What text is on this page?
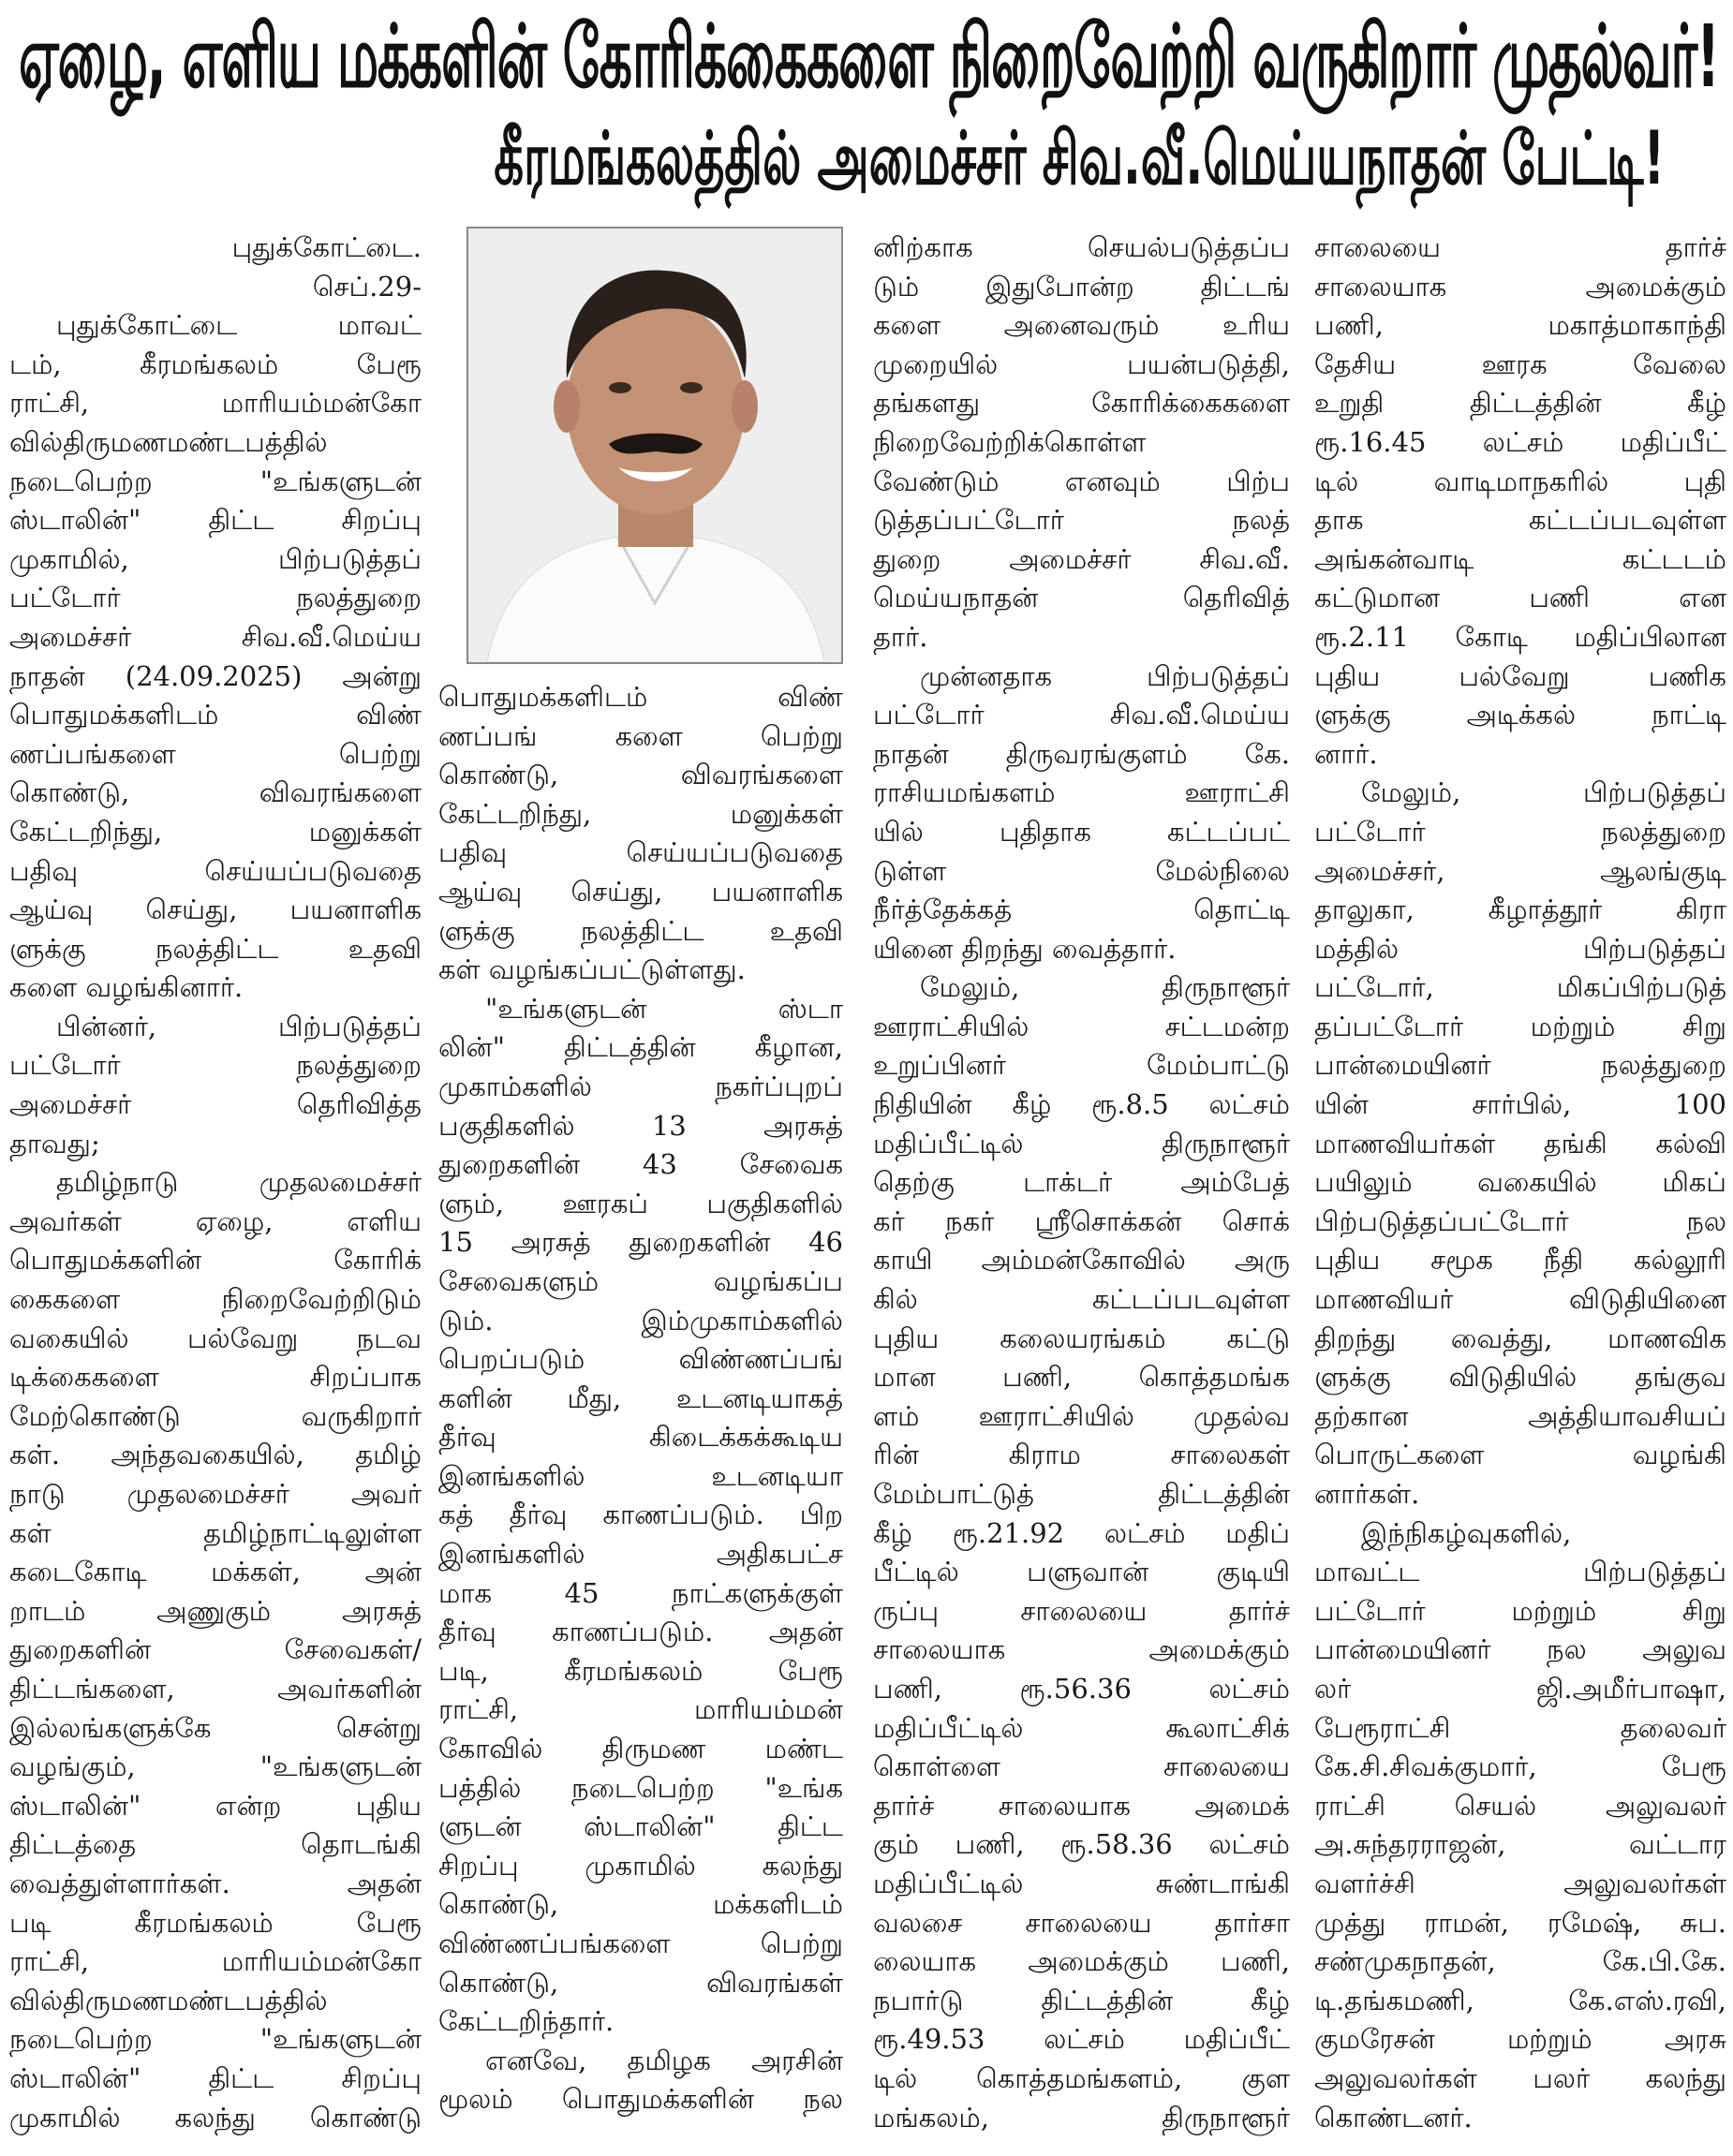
ஏழை, எளிய மக்களின் கோரிக்கைகளை நிறைவேற்றி வருகிறார் முதல்வர்!
கீரமங்கலத்தில் அமைச்சர் சிவ.வீ.மெய்யநாதன் பேட்டி!
புதுக்கோட்டை.
செப்.29-
புதுக்கோட்டை மாவட்
டம், கீரமங்கலம் பேரூ
ராட்சி, மாரியம்மன்கோ
வில்திருமணமண்டபத்தில்
நடைபெற்ற "உங்களுடன்
ஸ்டாலின்" திட்ட சிறப்பு
முகாமில், பிற்படுத்தப்
பட்டோர் நலத்துறை
அமைச்சர் சிவ.வீ.மெய்ய
நாதன் (24.09.2025) அன்று
பொதுமக்களிடம் விண்
ணப்பங்களை பெற்று
கொண்டு, விவரங்களை
கேட்டறிந்து, மனுக்கள்
பதிவு செய்யப்படுவதை
ஆய்வு செய்து, பயனாளிக
ளுக்கு நலத்திட்ட உதவி
களை வழங்கினார்.
பின்னர், பிற்படுத்தப்
பட்டோர் நலத்துறை
அமைச்சர் தெரிவித்த
தாவது;
தமிழ்நாடு முதலமைச்சர்
அவர்கள் ஏழை, எளிய
பொதுமக்களின் கோரிக்
கைகளை நிறைவேற்றிடும்
வகையில் பல்வேறு நடவ
டிக்கைகளை சிறப்பாக
மேற்கொண்டு வருகிறார்
கள். அந்தவகையில், தமிழ்
நாடு முதலமைச்சர் அவர்
கள் தமிழ்நாட்டிலுள்ள
கடைகோடி மக்கள், அன்
றாடம் அணுகும் அரசுத்
துறைகளின் சேவைகள்/
திட்டங்களை, அவர்களின்
இல்லங்களுக்கே சென்று
வழங்கும், "உங்களுடன்
ஸ்டாலின்" என்ற புதிய
திட்டத்தை தொடங்கி
வைத்துள்ளார்கள். அதன்
படி கீரமங்கலம் பேரூ
ராட்சி, மாரியம்மன்கோ
வில்திருமணமண்டபத்தில்
நடைபெற்ற "உங்களுடன்
ஸ்டாலின்" திட்ட சிறப்பு
முகாமில் கலந்து கொண்டு
பொதுமக்களிடம் விண்
ணப்பங் களை பெற்று
கொண்டு, விவரங்களை
கேட்டறிந்து, மனுக்கள்
பதிவு செய்யப்படுவதை
ஆய்வு செய்து, பயனாளிக
ளுக்கு நலத்திட்ட உதவி
கள் வழங்கப்பட்டுள்ளது.
"உங்களுடன் ஸ்டா
லின்" திட்டத்தின் கீழான,
முகாம்களில் நகர்ப்புறப்
பகுதிகளில் 13 அரசுத்
துறைகளின் 43 சேவைக
ளும், ஊரகப் பகுதிகளில்
15 அரசுத் துறைகளின் 46
சேவைகளும் வழங்கப்ப
டும். இம்முகாம்களில்
பெறப்படும் விண்ணப்பங்
களின் மீது, உடனடியாகத்
தீர்வு கிடைக்கக்கூடிய
இனங்களில் உடனடியா
கத் தீர்வு காணப்படும். பிற
இனங்களில் அதிகபட்ச
மாக 45 நாட்களுக்குள்
தீர்வு காணப்படும். அதன்
படி, கீரமங்கலம் பேரூ
ராட்சி, மாரியம்மன்
கோவில் திருமண மண்ட
பத்தில் நடைபெற்ற "உங்க
ளுடன் ஸ்டாலின்" திட்ட
சிறப்பு முகாமில் கலந்து
கொண்டு, மக்களிடம்
விண்ணப்பங்களை பெற்று
கொண்டு, விவரங்கள்
கேட்டறிந்தார்.
எனவே, தமிழக அரசின்
மூலம் பொதுமக்களின் நல
னிற்காக செயல்படுத்தப்ப
டும் இதுபோன்ற திட்டங்
களை அனைவரும் உரிய
முறையில் பயன்படுத்தி,
தங்களது கோரிக்கைகளை
நிறைவேற்றிக்கொள்ள
வேண்டும் எனவும் பிற்ப
டுத்தப்பட்டோர் நலத்
துறை அமைச்சர் சிவ.வீ.
மெய்யநாதன் தெரிவித்
தார்.
முன்னதாக பிற்படுத்தப்
பட்டோர் சிவ.வீ.மெய்ய
நாதன் திருவரங்குளம் கே.
ராசியமங்களம் ஊராட்சி
யில் புதிதாக கட்டப்பட்
டுள்ள மேல்நிலை
நீர்த்தேக்கத் தொட்டி
யினை திறந்து வைத்தார்.
மேலும், திருநாளூர்
ஊராட்சியில் சட்டமன்ற
உறுப்பினர் மேம்பாட்டு
நிதியின் கீழ் ரூ.8.5 லட்சம்
மதிப்பீட்டில் திருநாளூர்
தெற்கு டாக்டர் அம்பேத்
கர் நகர் ஸ்ரீசொக்கன் சொக்
காயி அம்மன்கோவில் அரு
கில் கட்டப்படவுள்ள
புதிய கலையரங்கம் கட்டு
மான பணி, கொத்தமங்க
ளம் ஊராட்சியில் முதல்வ
ரின் கிராம சாலைகள்
மேம்பாட்டுத் திட்டத்தின்
கீழ் ரூ.21.92 லட்சம் மதிப்
பீட்டில் பளுவான் குடியி
ருப்பு சாலையை தார்ச்
சாலையாக அமைக்கும்
பணி, ரூ.56.36 லட்சம்
மதிப்பீட்டில் கூலாட்சிக்
கொள்ளை சாலையை
தார்ச் சாலையாக அமைக்
கும் பணி, ரூ.58.36 லட்சம்
மதிப்பீட்டில் சுண்டாங்கி
வலசை சாலையை தார்சா
லையாக அமைக்கும் பணி,
நபார்டு திட்டத்தின் கீழ்
ரூ.49.53 லட்சம் மதிப்பீட்
டில் கொத்தமங்களம், குள
மங்கலம், திருநாளூர்
சாலையை தார்ச்
சாலையாக அமைக்கும்
பணி, மகாத்மாகாந்தி
தேசிய ஊரக வேலை
உறுதி திட்டத்தின் கீழ்
ரூ.16.45 லட்சம் மதிப்பீட்
டில் வாடிமாநகரில் புதி
தாக கட்டப்படவுள்ள
அங்கன்வாடி கட்டடம்
கட்டுமான பணி என
ரூ.2.11 கோடி மதிப்பிலான
புதிய பல்வேறு பணிக
ளுக்கு அடிக்கல் நாட்டி
னார்.
மேலும், பிற்படுத்தப்
பட்டோர் நலத்துறை
அமைச்சர், ஆலங்குடி
தாலுகா, கீழாத்தூர் கிரா
மத்தில் பிற்படுத்தப்
பட்டோர், மிகப்பிற்படுத்
தப்பட்டோர் மற்றும் சிறு
பான்மையினர் நலத்துறை
யின் சார்பில், 100
மாணவியர்கள் தங்கி கல்வி
பயிலும் வகையில் மிகப்
பிற்படுத்தப்பட்டோர் நல
புதிய சமூக நீதி கல்லூரி
மாணவியர் விடுதியினை
திறந்து வைத்து, மாணவிக
ளுக்கு விடுதியில் தங்குவ
தற்கான அத்தியாவசியப்
பொருட்களை வழங்கி
னார்கள்.
இந்நிகழ்வுகளில்,
மாவட்ட பிற்படுத்தப்
பட்டோர் மற்றும் சிறு
பான்மையினர் நல அலுவ
லர் ஜி.அமீர்பாஷா,
பேரூராட்சி தலைவர்
கே.சி.சிவக்குமார், பேரூ
ராட்சி செயல் அலுவலர்
அ.சுந்தரராஜன், வட்டார
வளர்ச்சி அலுவலர்கள்
முத்து ராமன், ரமேஷ், சுப.
சண்முகநாதன், கே.பி.கே.
டி.தங்கமணி, கே.எஸ்.ரவி,
குமரேசன் மற்றும் அரசு
அலுவலர்கள் பலர் கலந்து
கொண்டனர்.
